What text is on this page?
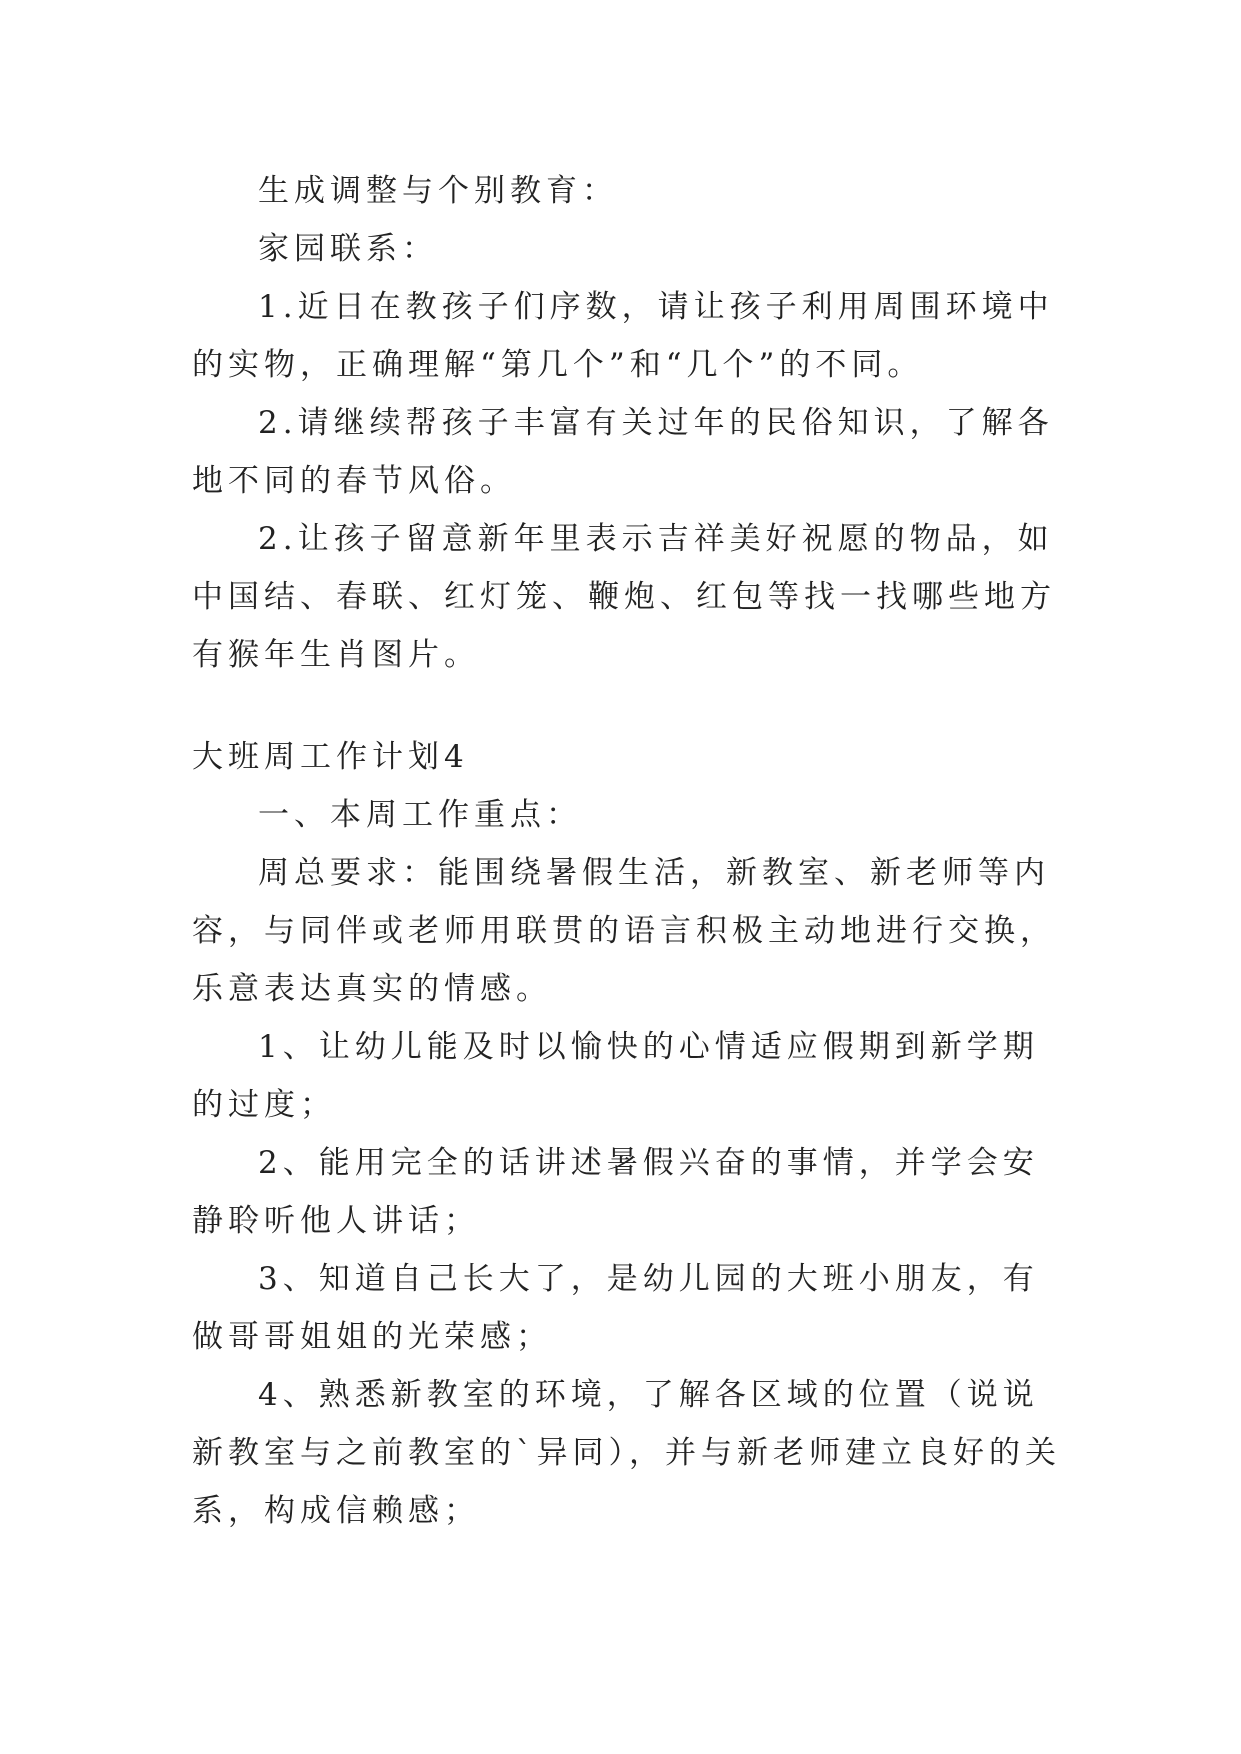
生成调整与个别教育：

家园联系：

1.近日在教孩子们序数，请让孩子利用周围环境中的实物，正确理解“第几个”和“几个”的不同。

2.请继续帮孩子丰富有关过年的民俗知识，了解各地不同的春节风俗。

2.让孩子留意新年里表示吉祥美好祝愿的物品，如中国结、春联、红灯笼、鞭炮、红包等找一找哪些地方有猴年生肖图片。

大班周工作计划4

一、本周工作重点：

周总要求：能围绕暑假生活，新教室、新老师等内容，与同伴或老师用联贯的语言积极主动地进行交换，乐意表达真实的情感。

1、让幼儿能及时以愉快的心情适应假期到新学期的过度；

2、能用完全的话讲述暑假兴奋的事情，并学会安静聆听他人讲话；

3、知道自己长大了，是幼儿园的大班小朋友，有做哥哥姐姐的光荣感；

4、熟悉新教室的环境，了解各区域的位置（说说新教室与之前教室的`异同），并与新老师建立良好的关系，构成信赖感；
